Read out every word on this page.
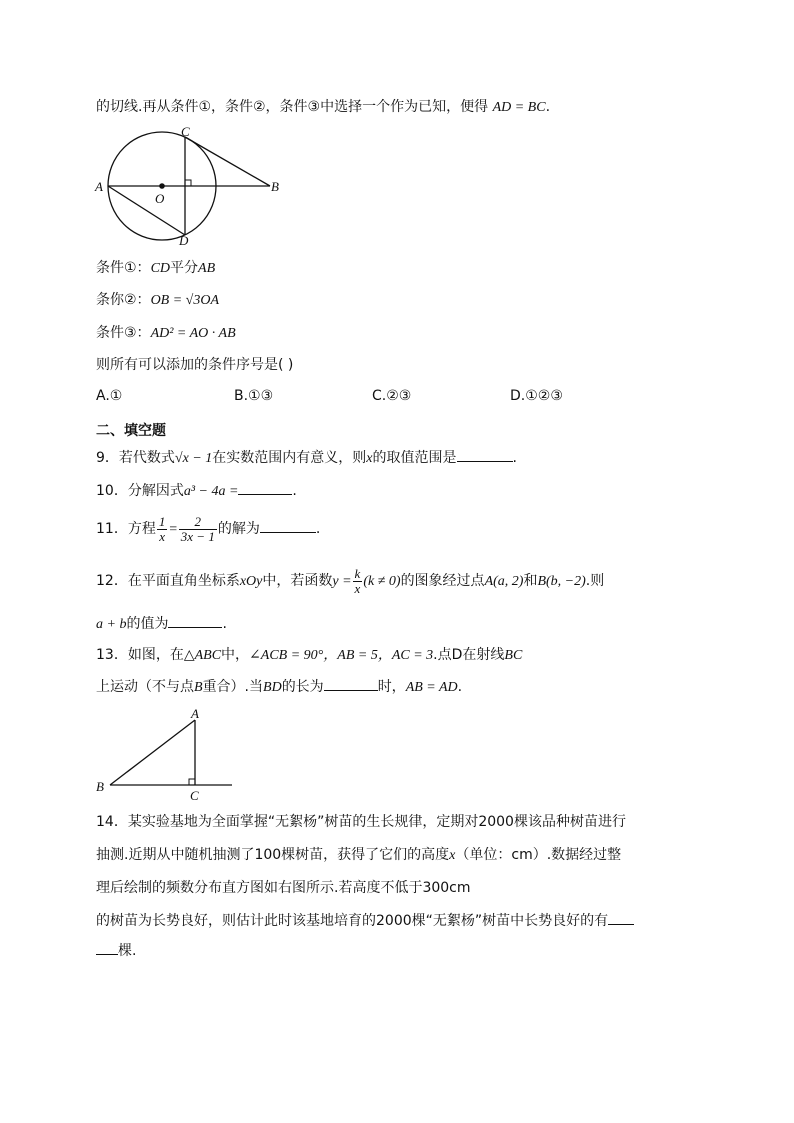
的切线.再从条件①，条件②，条件③中选择一个作为已知，便得 AD = BC.
C
A
O
B
D
条件①：CD平分AB
条你②：OB = √3OA
条件③：AD² = AO · AB
则所有可以添加的条件序号是( )
A.①	B.①③	C.②③	D.①②③
二、填空题
9．若代数式√x − 1在实数范围内有意义，则x的取值范围是	.
10．分解因式a³ − 4a =	.
11．方程 $\frac{1}{x} = \frac{2}{3x - 1}$ 的解为	.
12．在平面直角坐标系xOy中，若函数$y = \frac{k}{x} (k \ne 0)$的图象经过点A(a, 2)和B(b, −2).则
a + b的值为	.
13．如图，在△ABC中，∠ACB = 90°，AB = 5，AC = 3.点D在射线BC
上运动（不与点B重合）.当BD的长为	时，AB = AD.
A
B
C
14．某实验基地为全面掌握“无絮杨”树苗的生长规律，定期对2000棵该品种树苗进行
抽测.近期从中随机抽测了100棵树苗，获得了它们的高度x（单位：cm）.数据经过整
理后绘制的频数分布直方图如右图所示.若高度不低于300cm
的树苗为长势良好，则估计此时该基地培育的2000棵“无絮杨”树苗中长势良好的有
棵.
